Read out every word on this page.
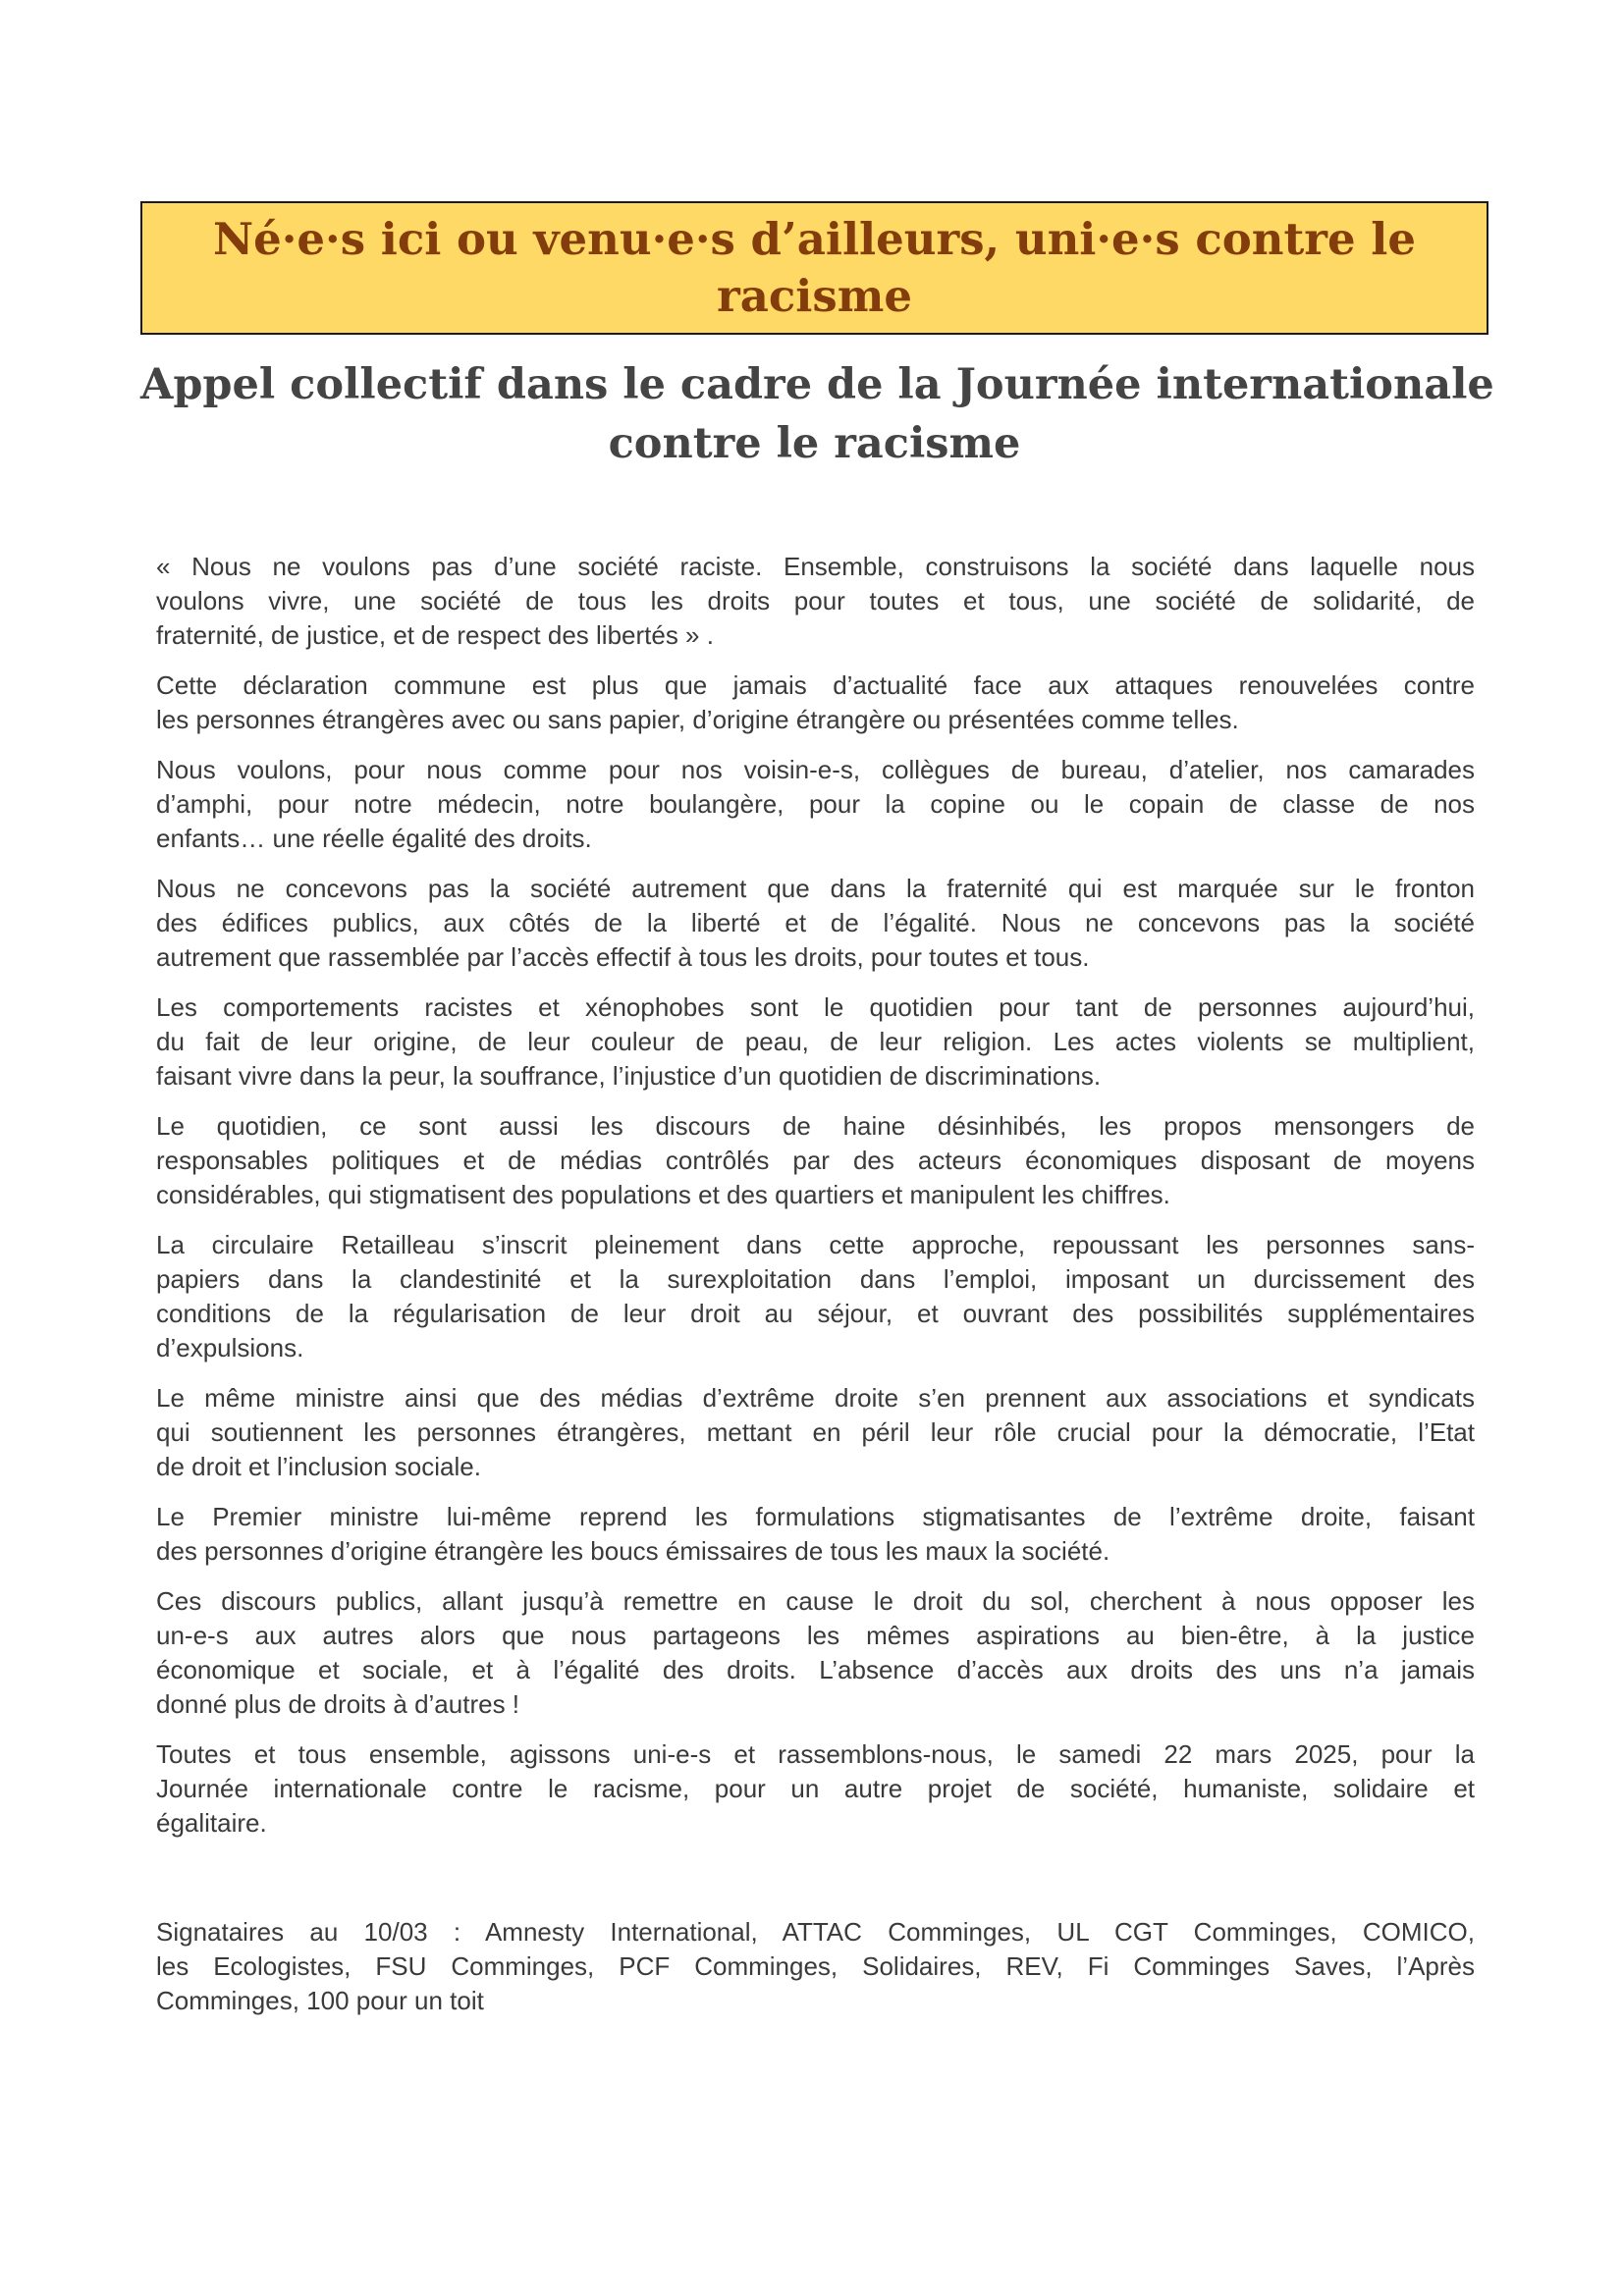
Né·e·s ici ou venu·e·s d’ailleurs, uni·e·s contre le
racisme
Appel collectif dans le cadre de la Journée internationale
contre le racisme
« Nous ne voulons pas d’une société raciste. Ensemble, construisons la société dans laquelle nous
voulons vivre, une société de tous les droits pour toutes et tous, une société de solidarité, de
fraternité, de justice, et de respect des libertés » .
Cette déclaration commune est plus que jamais d’actualité face aux attaques renouvelées contre
les personnes étrangères avec ou sans papier, d’origine étrangère ou présentées comme telles.
Nous voulons, pour nous comme pour nos voisin-e-s, collègues de bureau, d’atelier, nos camarades
d’amphi, pour notre médecin, notre boulangère, pour la copine ou le copain de classe de nos
enfants… une réelle égalité des droits.
Nous ne concevons pas la société autrement que dans la fraternité qui est marquée sur le fronton
des édifices publics, aux côtés de la liberté et de l’égalité. Nous ne concevons pas la société
autrement que rassemblée par l’accès effectif à tous les droits, pour toutes et tous.
Les comportements racistes et xénophobes sont le quotidien pour tant de personnes aujourd’hui,
du fait de leur origine, de leur couleur de peau, de leur religion. Les actes violents se multiplient,
faisant vivre dans la peur, la souffrance, l’injustice d’un quotidien de discriminations.
Le quotidien, ce sont aussi les discours de haine désinhibés, les propos mensongers de
responsables politiques et de médias contrôlés par des acteurs économiques disposant de moyens
considérables, qui stigmatisent des populations et des quartiers et manipulent les chiffres.
La circulaire Retailleau s’inscrit pleinement dans cette approche, repoussant les personnes sans-
papiers dans la clandestinité et la surexploitation dans l’emploi, imposant un durcissement des
conditions de la régularisation de leur droit au séjour, et ouvrant des possibilités supplémentaires
d’expulsions.
Le même ministre ainsi que des médias d’extrême droite s’en prennent aux associations et syndicats
qui soutiennent les personnes étrangères, mettant en péril leur rôle crucial pour la démocratie, l’Etat
de droit et l’inclusion sociale.
Le Premier ministre lui-même reprend les formulations stigmatisantes de l’extrême droite, faisant
des personnes d’origine étrangère les boucs émissaires de tous les maux la société.
Ces discours publics, allant jusqu’à remettre en cause le droit du sol, cherchent à nous opposer les
un-e-s aux autres alors que nous partageons les mêmes aspirations au bien-être, à la justice
économique et sociale, et à l’égalité des droits. L’absence d’accès aux droits des uns n’a jamais
donné plus de droits à d’autres !
Toutes et tous ensemble, agissons uni-e-s et rassemblons-nous, le samedi 22 mars 2025, pour la
Journée internationale contre le racisme, pour un autre projet de société, humaniste, solidaire et
égalitaire.
Signataires au 10/03 : Amnesty International, ATTAC Comminges, UL CGT Comminges, COMICO,
les Ecologistes, FSU Comminges, PCF Comminges, Solidaires, REV, Fi Comminges Saves, l’Après
Comminges, 100 pour un toit
